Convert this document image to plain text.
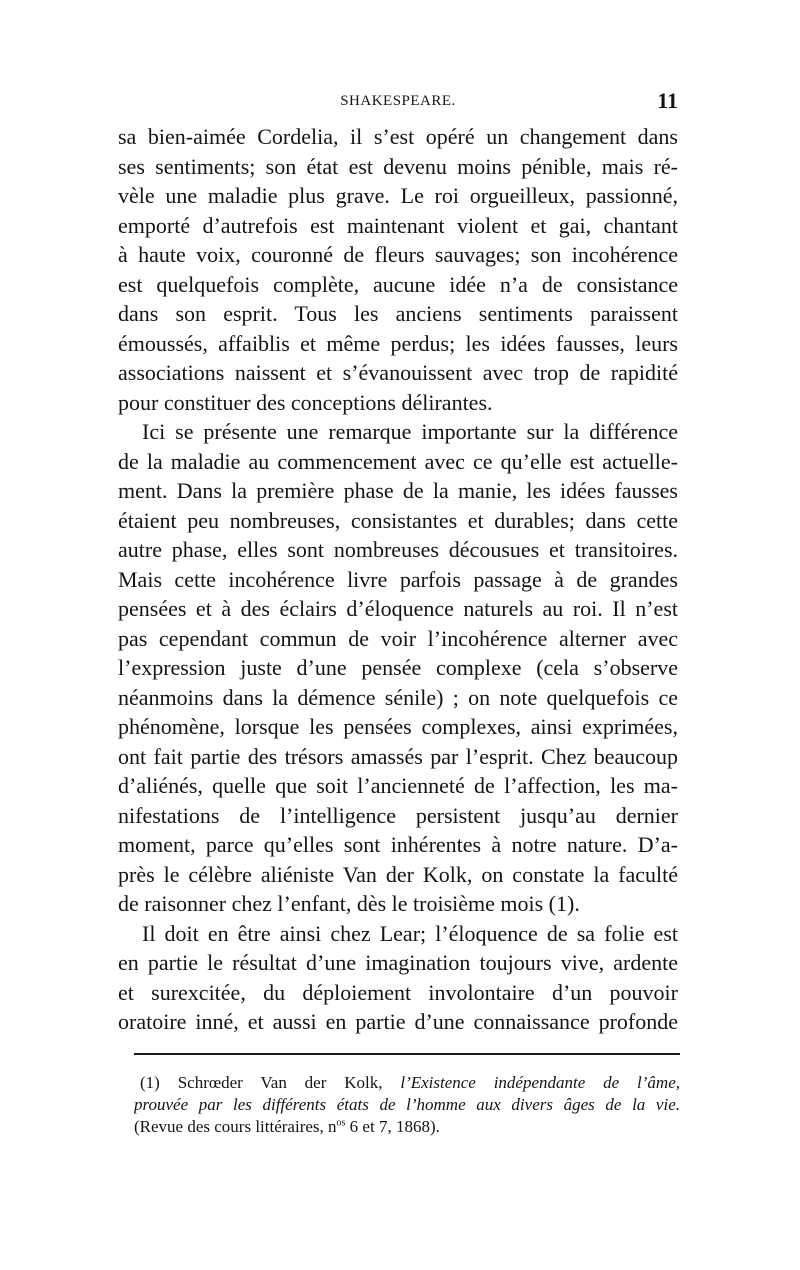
SHAKESPEARE.	11
sa bien-aimée Cordelia, il s’est opéré un changement dans
ses sentiments; son état est devenu moins pénible, mais ré-
vèle une maladie plus grave. Le roi orgueilleux, passionné,
emporté d’autrefois est maintenant violent et gai, chantant
à haute voix, couronné de fleurs sauvages; son incohérence
est quelquefois complète, aucune idée n’a de consistance
dans son esprit. Tous les anciens sentiments paraissent
émoussés, affaiblis et même perdus; les idées fausses, leurs
associations naissent et s’évanouissent avec trop de rapidité
pour constituer des conceptions délirantes.
Ici se présente une remarque importante sur la différence
de la maladie au commencement avec ce qu’elle est actuelle-
ment. Dans la première phase de la manie, les idées fausses
étaient peu nombreuses, consistantes et durables; dans cette
autre phase, elles sont nombreuses décousues et transitoires.
Mais cette incohérence livre parfois passage à de grandes
pensées et à des éclairs d’éloquence naturels au roi. Il n’est
pas cependant commun de voir l’incohérence alterner avec
l’expression juste d’une pensée complexe (cela s’observe
néanmoins dans la démence sénile) ; on note quelquefois ce
phénomène, lorsque les pensées complexes, ainsi exprimées,
ont fait partie des trésors amassés par l’esprit. Chez beaucoup
d’aliénés, quelle que soit l’ancienneté de l’affection, les ma-
nifestations de l’intelligence persistent jusqu’au dernier
moment, parce qu’elles sont inhérentes à notre nature. D’a-
près le célèbre aliéniste Van der Kolk, on constate la faculté
de raisonner chez l’enfant, dès le troisième mois (1).
Il doit en être ainsi chez Lear; l’éloquence de sa folie est
en partie le résultat d’une imagination toujours vive, ardente
et surexcitée, du déploiement involontaire d’un pouvoir
oratoire inné, et aussi en partie d’une connaissance profonde
(1) Schrœder Van der Kolk, l’Existence indépendante de l’âme,
prouvée par les différents états de l’homme aux divers âges de la vie.
(Revue des cours littéraires, $n^{os}$ 6 et 7, 1868).
